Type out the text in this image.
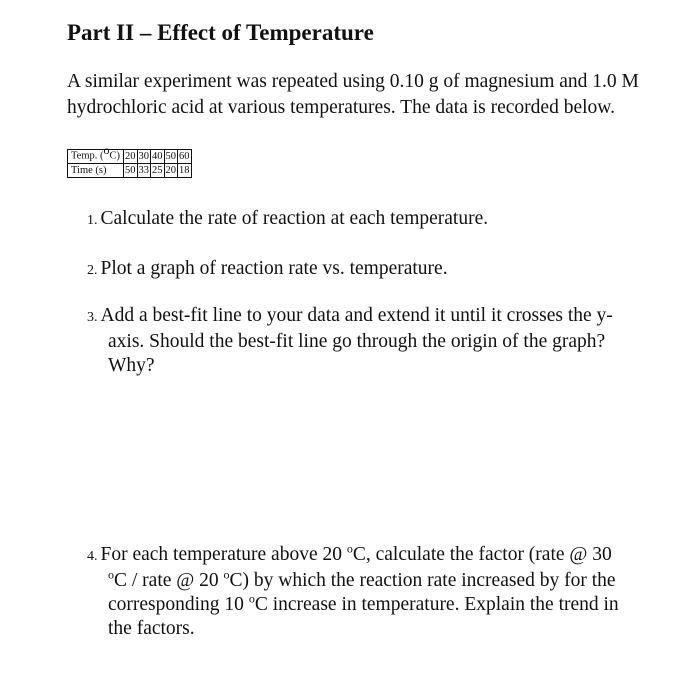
Part II – Effect of Temperature

A similar experiment was repeated using 0.10 g of magnesium and 1.0 M
hydrochloric acid at various temperatures. The data is recorded below.

Temp. ($^o$C)	20	30	40	50	60
Time (s)	50	33	25	20	18

1. Calculate the rate of reaction at each temperature.

2. Plot a graph of reaction rate vs. temperature.

3. Add a best-fit line to your data and extend it until it crosses the y-
axis. Should the best-fit line go through the origin of the graph?
Why?

4. For each temperature above 20 $^o$C, calculate the factor (rate @ 30
$^o$C / rate @ 20 $^o$C) by which the reaction rate increased by for the
corresponding 10 $^o$C increase in temperature. Explain the trend in
the factors.
